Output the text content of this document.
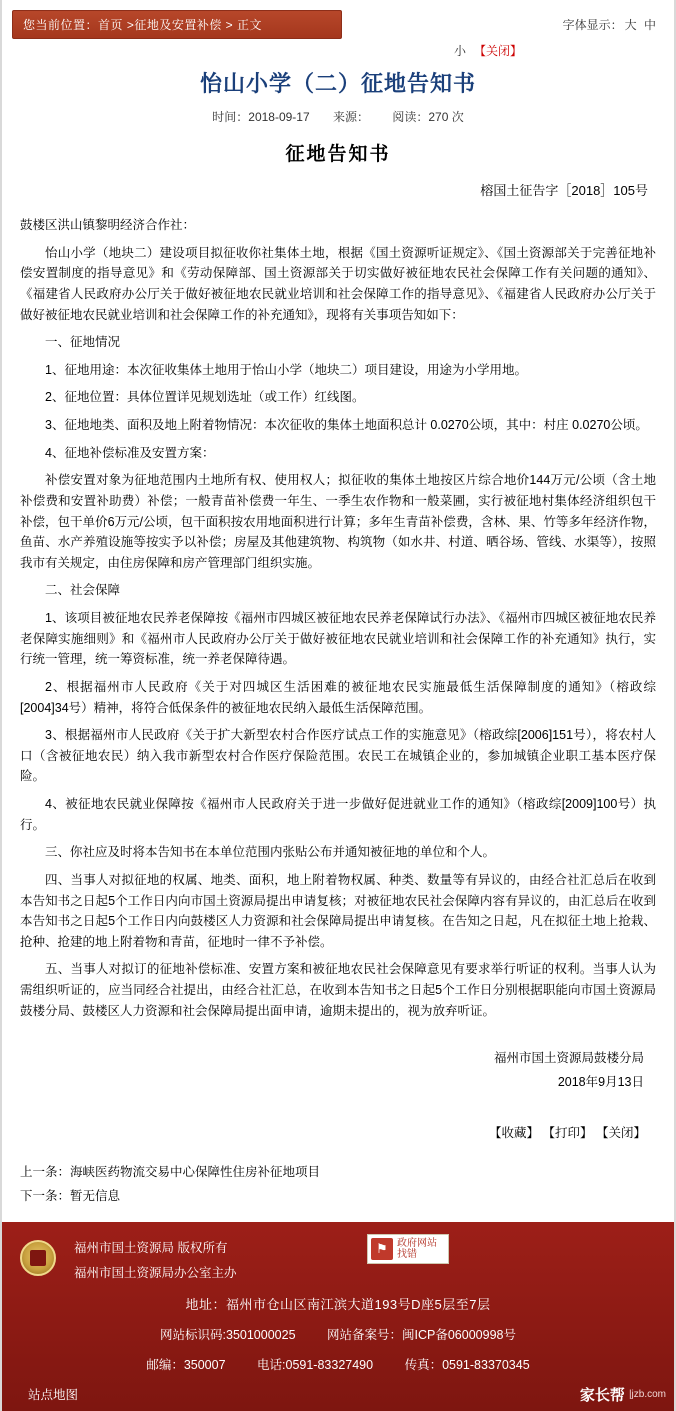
您当前位置：首页 >征地及安置补偿 > 正文	字体显示： 大 中
小 【关闭】
怡山小学（二）征地告知书
时间：2018-09-17 来源： 阅读：270 次
征地告知书
榕国土征告字［2018］105号

鼓楼区洪山镇黎明经济合作社：

怡山小学（地块二）建设项目拟征收你社集体土地，根据《国土资源听证规定》、《国土资源部关于完善征地补偿安置制度的指导意见》和《劳动保障部、国土资源部关于切实做好被征地农民社会保障工作有关问题的通知》、《福建省人民政府办公厅关于做好被征地农民就业培训和社会保障工作的指导意见》、《福建省人民政府办公厅关于做好被征地农民就业培训和社会保障工作的补充通知》，现将有关事项告知如下：

一、征地情况

1、征地用途：本次征收集体土地用于怡山小学（地块二）项目建设，用途为小学用地。

2、征地位置：具体位置详见规划选址（或工作）红线图。

3、征地地类、面积及地上附着物情况：本次征收的集体土地面积总计 0.0270公顷，其中：村庄 0.0270公顷。

4、征地补偿标准及安置方案：

补偿安置对象为征地范围内土地所有权、使用权人；拟征收的集体土地按区片综合地价144万元/公顷（含土地补偿费和安置补助费）补偿；一般青苗补偿费一年生、一季生农作物和一般菜圃，实行被征地村集体经济组织包干补偿，包干单价6万元/公顷，包干面积按农用地面积进行计算；多年生青苗补偿费，含林、果、竹等多年经济作物，鱼苗、水产养殖设施等按实予以补偿；房屋及其他建筑物、构筑物（如水井、村道、晒谷场、管线、水渠等），按照我市有关规定，由住房保障和房产管理部门组织实施。

二、社会保障

1、该项目被征地农民养老保障按《福州市四城区被征地农民养老保障试行办法》、《福州市四城区被征地农民养老保障实施细则》和《福州市人民政府办公厅关于做好被征地农民就业培训和社会保障工作的补充通知》执行，实行统一管理，统一筹资标准，统一养老保障待遇。

2、根据福州市人民政府《关于对四城区生活困难的被征地农民实施最低生活保障制度的通知》（榕政综[2004]34号）精神，将符合低保条件的被征地农民纳入最低生活保障范围。

3、根据福州市人民政府《关于扩大新型农村合作医疗试点工作的实施意见》（榕政综[2006]151号），将农村人口（含被征地农民）纳入我市新型农村合作医疗保险范围。农民工在城镇企业的，参加城镇企业职工基本医疗保险。

4、被征地农民就业保障按《福州市人民政府关于进一步做好促进就业工作的通知》（榕政综[2009]100号）执行。

三、你社应及时将本告知书在本单位范围内张贴公布并通知被征地的单位和个人。

四、当事人对拟征地的权属、地类、面积，地上附着物权属、种类、数量等有异议的，由经合社汇总后在收到本告知书之日起5个工作日内向市国土资源局提出申请复核；对被征地农民社会保障内容有异议的，由汇总后在收到本告知书之日起5个工作日内向鼓楼区人力资源和社会保障局提出申请复核。在告知之日起，凡在拟征土地上抢栽、抢种、抢建的地上附着物和青苗，征地时一律不予补偿。

五、当事人对拟订的征地补偿标准、安置方案和被征地农民社会保障意见有要求举行听证的权利。当事人认为需组织听证的，应当同经合社提出，由经合社汇总，在收到本告知书之日起5个工作日分别根据职能向市国土资源局鼓楼分局、鼓楼区人力资源和社会保障局提出面申请，逾期未提出的，视为放弃听证。

福州市国土资源局鼓楼分局
2018年9月13日
【收藏】 【打印】 【关闭】
上一条：海峡医药物流交易中心保障性住房补征地项目
下一条：暂无信息
福州市国土资源局 版权所有
福州市国土资源局办公室主办
⚑ 政府网站
找错
地址：福州市仓山区南江滨大道193号D座5层至7层
网站标识码:3501000025	网站备案号：闽ICP备06000998号
邮编：350007	电话:0591-83327490	传真：0591-83370345
站点地图	家长帮 |jzb.com
